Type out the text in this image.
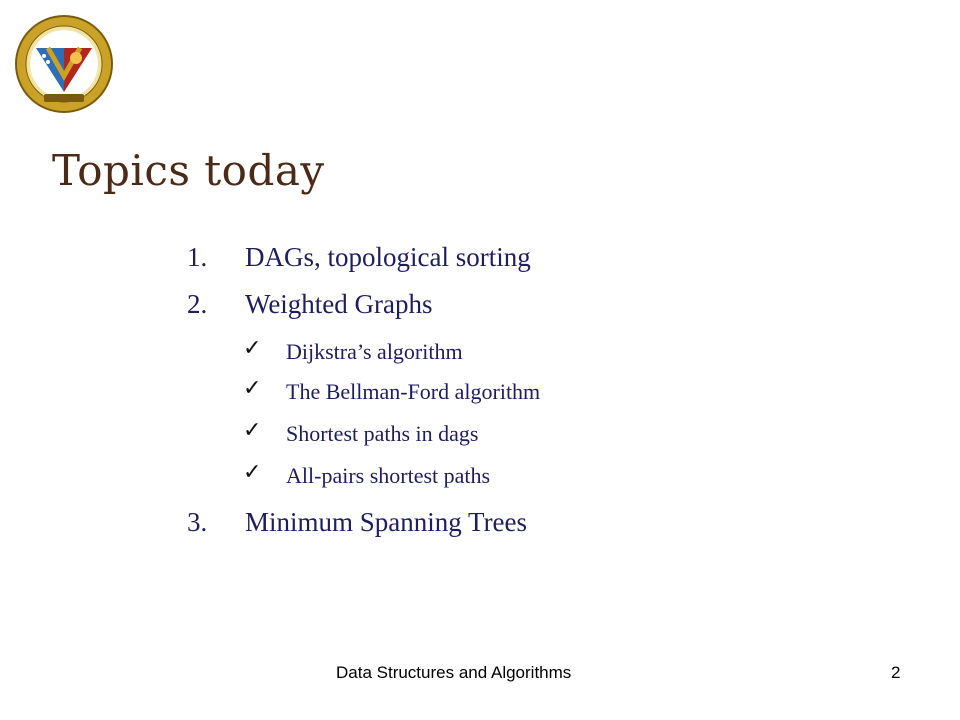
Topics today
1. DAGs, topological sorting
2. Weighted Graphs
✓ Dijkstra’s algorithm
✓ The Bellman-Ford algorithm
✓ Shortest paths in dags
✓ All-pairs shortest paths
3. Minimum Spanning Trees
Data Structures and Algorithms	2
